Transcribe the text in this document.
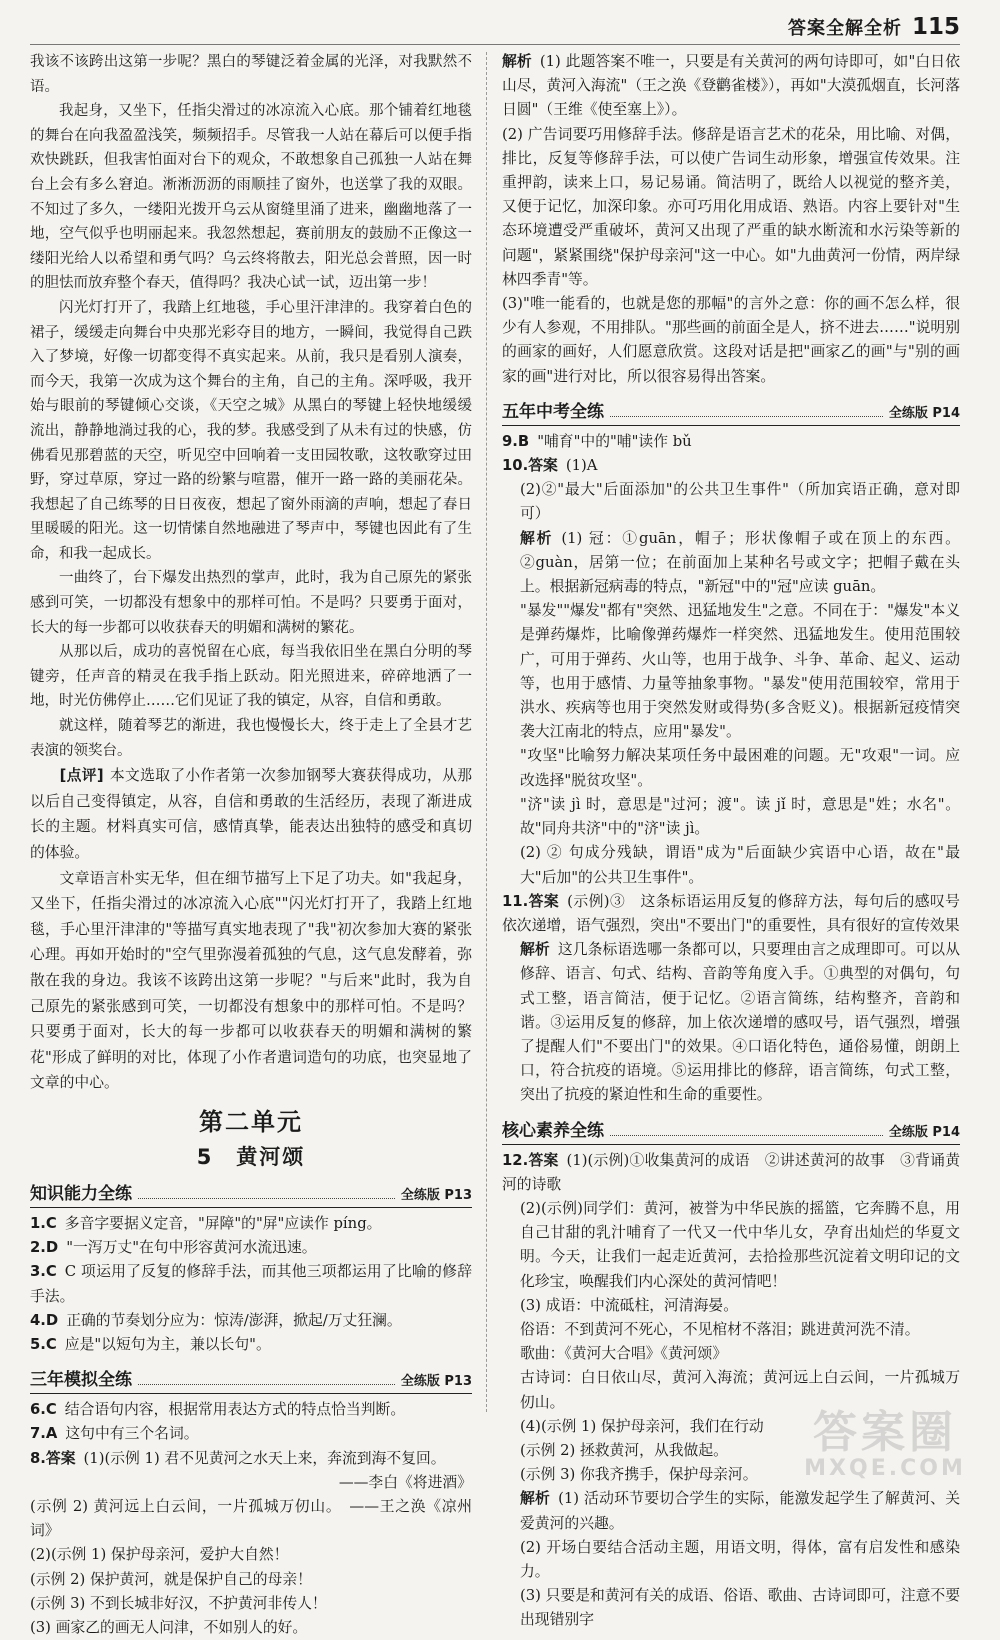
答案全解全析 115

我该不该跨出这第一步呢？黑白的琴键泛着金属的光泽，对我默然不语。

我起身，又坐下，任指尖滑过的冰凉流入心底。那个铺着红地毯的舞台在向我盈盈浅笑，频频招手。尽管我一人站在幕后可以便手指欢快跳跃，但我害怕面对台下的观众，不敢想象自己孤独一人站在舞台上会有多么窘迫。淅淅沥沥的雨顺挂了窗外，也送掌了我的双眼。不知过了多久，一缕阳光拨开乌云从窗缝里涌了进来，幽幽地落了一地，空气似乎也明丽起来。我忽然想起，赛前朋友的鼓励不正像这一缕阳光给人以希望和勇气吗？乌云终将散去，阳光总会普照，因一时的胆怯而放弃整个春天，值得吗？我决心试一试，迈出第一步！

闪光灯打开了，我踏上红地毯，手心里汗津津的。我穿着白色的裙子，缓缓走向舞台中央那光彩夺目的地方，一瞬间，我觉得自己跌入了梦境，好像一切都变得不真实起来。从前，我只是看别人演奏，而今天，我第一次成为这个舞台的主角，自己的主角。深呼吸，我开始与眼前的琴键倾心交谈，《天空之城》从黑白的琴键上轻快地缓缓流出，静静地淌过我的心，我的梦。我感受到了从未有过的快感，仿佛看见那碧蓝的天空，听见空中回响着一支田园牧歌，这牧歌穿过田野，穿过草原，穿过一路的纷繁与喧嚣，催开一路一路的美丽花朵。我想起了自己练琴的日日夜夜，想起了窗外雨滴的声响，想起了春日里暖暖的阳光。这一切情愫自然地融进了琴声中，琴键也因此有了生命，和我一起成长。

一曲终了，台下爆发出热烈的掌声，此时，我为自己原先的紧张感到可笑，一切都没有想象中的那样可怕。不是吗？只要勇于面对，长大的每一步都可以收获春天的明媚和满树的繁花。

从那以后，成功的喜悦留在心底，每当我依旧坐在黑白分明的琴键旁，任声音的精灵在我手指上跃动。阳光照进来，碎碎地洒了一地，时光仿佛停止……它们见证了我的镇定，从容，自信和勇敢。

就这样，随着琴艺的渐进，我也慢慢长大，终于走上了全县才艺表演的领奖台。

[点评] 本文选取了小作者第一次参加钢琴大赛获得成功，从那以后自己变得镇定，从容，自信和勇敢的生活经历，表现了渐进成长的主题。材料真实可信，感情真挚，能表达出独特的感受和真切的体验。

文章语言朴实无华，但在细节描写上下足了功夫。如"我起身，又坐下，任指尖滑过的冰凉流入心底""闪光灯打开了，我踏上红地毯，手心里汗津津的"等描写真实地表现了"我"初次参加大赛的紧张心理。再如开始时的"空气里弥漫着孤独的气息，这气息发酵着，弥散在我的身边。我该不该跨出这第一步呢？"与后来"此时，我为自己原先的紧张感到可笑，一切都没有想象中的那样可怕。不是吗？只要勇于面对，长大的每一步都可以收获春天的明媚和满树的繁花"形成了鲜明的对比，体现了小作者遣词造句的功底，也突显地了文章的中心。

第二单元
5　黄河颂
知识能力全练	全练版 P13

1.C 多音字要据义定音，"屏障"的"屏"应读作 píng。

2.D "一泻万丈"在句中形容黄河水流迅速。

3.C C 项运用了反复的修辞手法，而其他三项都运用了比喻的修辞手法。

4.D 正确的节奏划分应为：惊涛/澎湃，掀起/万丈狂澜。

5.C 应是"以短句为主，兼以长句"。

三年模拟全练	全练版 P13

6.C 结合语句内容，根据常用表达方式的特点恰当判断。

7.A 这句中有三个名词。

8.答案 (1)(示例 1) 君不见黄河之水天上来，奔流到海不复回。

——李白《将进酒》

(示例 2) 黄河远上白云间，一片孤城万仞山。　——王之涣《凉州词》

(2)(示例 1) 保护母亲河，爱护大自然！

(示例 2) 保护黄河，就是保护自己的母亲！

(示例 3) 不到长城非好汉，不护黄河非传人！

(3) 画家乙的画无人问津，不如别人的好。

解析 (1) 此题答案不唯一，只要是有关黄河的两句诗即可，如"白日依山尽，黄河入海流"（王之涣《登鹳雀楼》），再如"大漠孤烟直，长河落日圆"（王维《使至塞上》）。

(2) 广告词要巧用修辞手法。修辞是语言艺术的花朵，用比喻、对偶，排比，反复等修辞手法，可以使广告词生动形象，增强宣传效果。注重押韵，读来上口，易记易诵。简洁明了，既给人以视觉的整齐美，又便于记忆，加深印象。亦可巧用化用成语、熟语。内容上要针对"生态环境遭受严重破坏，黄河又出现了严重的缺水断流和水污染等新的问题"，紧紧围绕"保护母亲河"这一中心。如"九曲黄河一份情，两岸绿林四季青"等。

(3)"唯一能看的，也就是您的那幅"的言外之意：你的画不怎么样，很少有人参观，不用排队。"那些画的前面全是人，挤不进去……"说明别的画家的画好，人们愿意欣赏。这段对话是把"画家乙的画"与"别的画家的画"进行对比，所以很容易得出答案。

五年中考全练	全练版 P14

9.B "哺育"中的"哺"读作 bǔ

10.答案 (1)A

(2)②"最大"后面添加"的公共卫生事件"（所加宾语正确，意对即可）

解析 (1) 冠：①guān，帽子；形状像帽子或在顶上的东西。②guàn，居第一位；在前面加上某种名号或文字；把帽子戴在头上。根据新冠病毒的特点，"新冠"中的"冠"应读 guān。

"暴发""爆发"都有"突然、迅猛地发生"之意。不同在于："爆发"本义是弹药爆炸，比喻像弹药爆炸一样突然、迅猛地发生。使用范围较广，可用于弹药、火山等，也用于战争、斗争、革命、起义、运动等，也用于感情、力量等抽象事物。"暴发"使用范围较窄，常用于洪水、疾病等也用于突然发财或得势(多含贬义)。根据新冠疫情突袭大江南北的特点，应用"暴发"。

"攻坚"比喻努力解决某项任务中最困难的问题。无"攻艰"一词。应改选择"脱贫攻坚"。

"济"读 jì 时，意思是"过河；渡"。读 jǐ 时，意思是"姓；水名"。故"同舟共济"中的"济"读 jì。

(2) ② 句成分残缺，谓语"成为"后面缺少宾语中心语，故在"最大"后加"的公共卫生事件"。

11.答案 (示例)③　这条标语运用反复的修辞方法，每句后的感叹号依次递增，语气强烈，突出"不要出门"的重要性，具有很好的宣传效果

解析 这几条标语选哪一条都可以，只要理由言之成理即可。可以从修辞、语言、句式、结构、音韵等角度入手。①典型的对偶句，句式工整，语言简洁，便于记忆。②语言简练，结构整齐，音韵和谐。③运用反复的修辞，加上依次递增的感叹号，语气强烈，增强了提醒人们"不要出门"的效果。④口语化特色，通俗易懂，朗朗上口，符合抗疫的语境。⑤运用排比的修辞，语言简练，句式工整，突出了抗疫的紧迫性和生命的重要性。

核心素养全练	全练版 P14

12.答案 (1)(示例)①收集黄河的成语　②讲述黄河的故事　③背诵黄河的诗歌

(2)(示例)同学们：黄河，被誉为中华民族的摇篮，它奔腾不息，用自己甘甜的乳汁哺育了一代又一代中华儿女，孕育出灿烂的华夏文明。今天，让我们一起走近黄河，去拾捡那些沉淀着文明印记的文化珍宝，唤醒我们内心深处的黄河情吧！

(3) 成语：中流砥柱，河清海晏。

俗语：不到黄河不死心，不见棺材不落泪；跳进黄河洗不清。

歌曲：《黄河大合唱》《黄河颂》

古诗词：白日依山尽，黄河入海流；黄河远上白云间，一片孤城万仞山。

(4)(示例 1) 保护母亲河，我们在行动

(示例 2) 拯救黄河，从我做起。

(示例 3) 你我齐携手，保护母亲河。

解析 (1) 活动环节要切合学生的实际，能激发起学生了解黄河、关爱黄河的兴趣。

(2) 开场白要结合活动主题，用语文明，得体，富有启发性和感染力。

(3) 只要是和黄河有关的成语、俗语、歌曲、古诗词即可，注意不要出现错别字

答案圈
MXQE.COM
